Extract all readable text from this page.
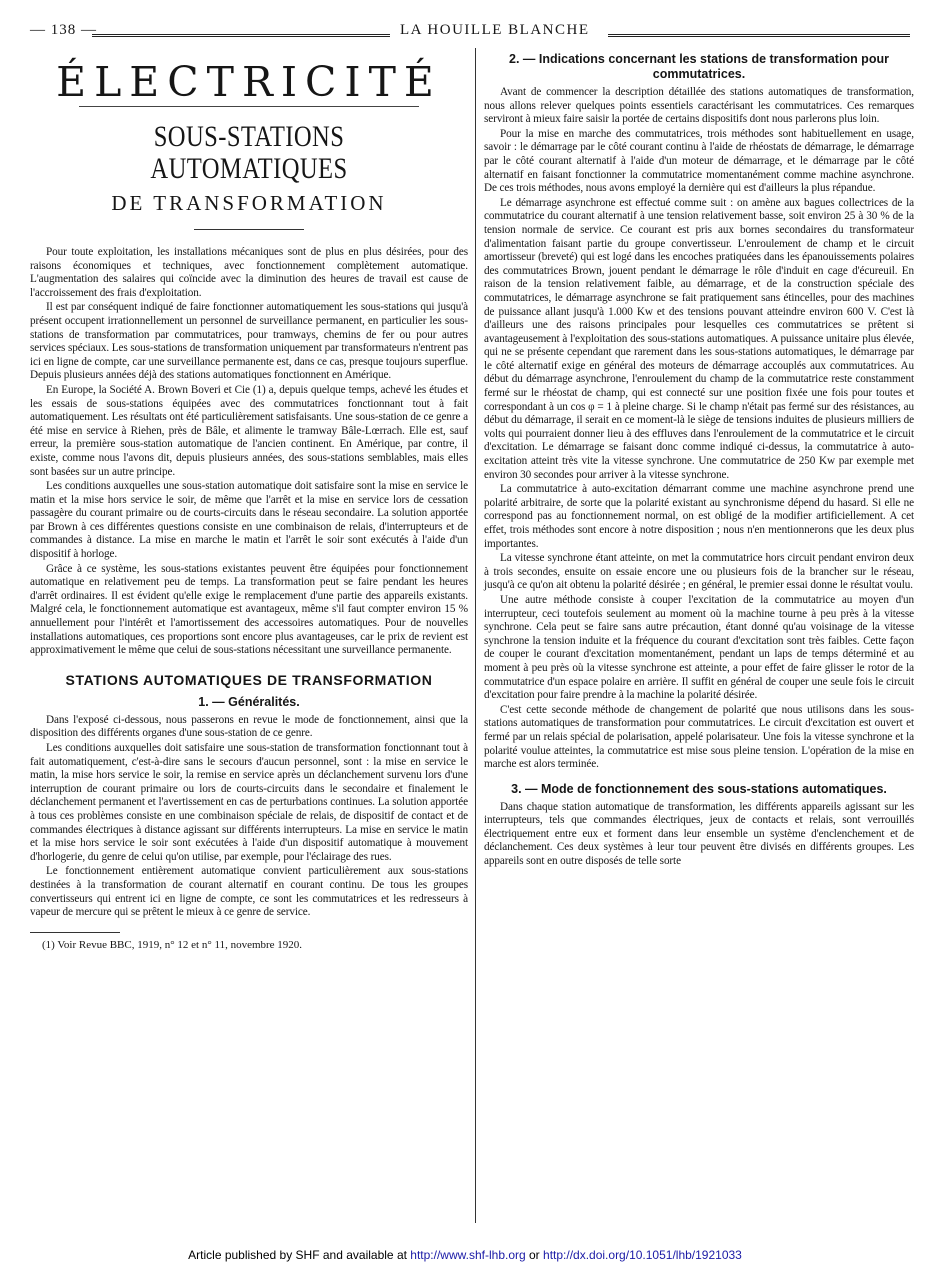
— 138 —	LA HOUILLE BLANCHE
ÉLECTRICITÉ
SOUS-STATIONS AUTOMATIQUES
DE TRANSFORMATION

Pour toute exploitation, les installations mécaniques sont de plus en plus désirées, pour des raisons économiques et techniques, avec fonctionnement complètement automatique. L'augmentation des salaires qui coïncide avec la diminution des heures de travail est cause de l'accroissement des frais d'exploitation.

Il est par conséquent indiqué de faire fonctionner automatiquement les sous-stations qui jusqu'à présent occupent irrationnellement un personnel de surveillance permanent, en particulier les sous-stations de transformation par commutatrices, pour tramways, chemins de fer ou pour autres services spéciaux. Les sous-stations de transformation uniquement par transformateurs n'entrent pas ici en ligne de compte, car une surveillance permanente est, dans ce cas, presque toujours superflue. Depuis plusieurs années déjà des stations automatiques fonctionnent en Amérique.

En Europe, la Société A. Brown Boveri et Cie (1) a, depuis quelque temps, achevé les études et les essais de sous-stations équipées avec des commutatrices fonctionnant tout à fait automatiquement. Les résultats ont été particulièrement satisfaisants. Une sous-station de ce genre a été mise en service à Riehen, près de Bâle, et alimente le tramway Bâle-Lœrrach. Elle est, sauf erreur, la première sous-station automatique de l'ancien continent. En Amérique, par contre, il existe, comme nous l'avons dit, depuis plusieurs années, des sous-stations semblables, mais elles sont basées sur un autre principe.

Les conditions auxquelles une sous-station automatique doit satisfaire sont la mise en service le matin et la mise hors service le soir, de même que l'arrêt et la mise en service lors de cessation passagère du courant primaire ou de courts-circuits dans le réseau secondaire. La solution apportée par Brown à ces différentes questions consiste en une combinaison de relais, d'interrupteurs et de commandes à distance. La mise en marche le matin et l'arrêt le soir sont exécutés à l'aide d'un dispositif à horloge.

Grâce à ce système, les sous-stations existantes peuvent être équipées pour fonctionnement automatique en relativement peu de temps. La transformation peut se faire pendant les heures d'arrêt ordinaires. Il est évident qu'elle exige le remplacement d'une partie des appareils existants. Malgré cela, le fonctionnement automatique est avantageux, même s'il faut compter environ 15 % annuellement pour l'intérêt et l'amortissement des accessoires automatiques. Pour de nouvelles installations automatiques, ces proportions sont encore plus avantageuses, car le prix de revient est approximativement le même que celui de sous-stations nécessitant une surveillance permanente.

STATIONS AUTOMATIQUES DE TRANSFORMATION
1. — Généralités.

Dans l'exposé ci-dessous, nous passerons en revue le mode de fonctionnement, ainsi que la disposition des différents organes d'une sous-station de ce genre.

Les conditions auxquelles doit satisfaire une sous-station de transformation fonctionnant tout à fait automatiquement, c'est-à-dire sans le secours d'aucun personnel, sont : la mise en service le matin, la mise hors service le soir, la remise en service après un déclanchement survenu lors d'une interruption de courant primaire ou lors de courts-circuits dans le secondaire et finalement le déclanchement permanent et l'avertissement en cas de perturbations continues. La solution apportée à tous ces problèmes consiste en une combinaison spéciale de relais, de dispositif de contact et de commandes électriques à distance agissant sur différents interrupteurs. La mise en service le matin et la mise hors service le soir sont exécutées à l'aide d'un dispositif automatique à mouvement d'horlogerie, du genre de celui qu'on utilise, par exemple, pour l'éclairage des rues.

Le fonctionnement entièrement automatique convient particulièrement aux sous-stations destinées à la transformation de courant alternatif en courant continu. De tous les groupes convertisseurs qui entrent ici en ligne de compte, ce sont les commutatrices et les redresseurs à vapeur de mercure qui se prêtent le mieux à ce genre de service.

(1) Voir Revue BBC, 1919, n° 12 et n° 11, novembre 1920.

2. — Indications concernant les stations de transformation pour commutatrices.

Avant de commencer la description détaillée des stations automatiques de transformation, nous allons relever quelques points essentiels caractérisant les commutatrices. Ces remarques serviront à mieux faire saisir la portée de certains dispositifs dont nous parlerons plus loin.

Pour la mise en marche des commutatrices, trois méthodes sont habituellement en usage, savoir : le démarrage par le côté courant continu à l'aide de rhéostats de démarrage, le démarrage par le côté courant alternatif à l'aide d'un moteur de démarrage, et le démarrage par le côté alternatif en faisant fonctionner la commutatrice momentanément comme machine asynchrone. De ces trois méthodes, nous avons employé la dernière qui est d'ailleurs la plus répandue.

Le démarrage asynchrone est effectué comme suit : on amène aux bagues collectrices de la commutatrice du courant alternatif à une tension relativement basse, soit environ 25 à 30 % de la tension normale de service. Ce courant est pris aux bornes secondaires du transformateur d'alimentation faisant partie du groupe convertisseur. L'enroulement de champ et le circuit amortisseur (breveté) qui est logé dans les encoches pratiquées dans les épanouissements polaires des commutatrices Brown, jouent pendant le démarrage le rôle d'induit en cage d'écureuil. En raison de la tension relativement faible, au démarrage, et de la construction spéciale des commutatrices, le démarrage asynchrone se fait pratiquement sans étincelles, pour des machines de puissance allant jusqu'à 1.000 Kw et des tensions pouvant atteindre environ 600 V. C'est là d'ailleurs une des raisons principales pour lesquelles ces commutatrices se prêtent si avantageusement à l'exploitation des sous-stations automatiques. A puissance unitaire plus élevée, qui ne se présente cependant que rarement dans les sous-stations automatiques, le démarrage par le côté alternatif exige en général des moteurs de démarrage accouplés aux commutatrices. Au début du démarrage asynchrone, l'enroulement du champ de la commutatrice reste constamment fermé sur le rhéostat de champ, qui est connecté sur une position fixée une fois pour toutes et correspondant à un cos φ = 1 à pleine charge. Si le champ n'était pas fermé sur des résistances, au début du démarrage, il serait en ce moment-là le siège de tensions induites de plusieurs milliers de volts qui pourraient donner lieu à des effluves dans l'enroulement de la commutatrice et le circuit d'excitation. Le démarrage se faisant donc comme indiqué ci-dessus, la commutatrice à auto-excitation atteint très vite la vitesse synchrone. Une commutatrice de 250 Kw par exemple met environ 30 secondes pour arriver à la vitesse synchrone.

La commutatrice à auto-excitation démarrant comme une machine asynchrone prend une polarité arbitraire, de sorte que la polarité existant au synchronisme dépend du hasard. Si elle ne correspond pas au fonctionnement normal, on est obligé de la modifier artificiellement. A cet effet, trois méthodes sont encore à notre disposition ; nous n'en mentionnerons que les deux plus importantes.

La vitesse synchrone étant atteinte, on met la commutatrice hors circuit pendant environ deux à trois secondes, ensuite on essaie encore une ou plusieurs fois de la brancher sur le réseau, jusqu'à ce qu'on ait obtenu la polarité désirée ; en général, le premier essai donne le résultat voulu.

Une autre méthode consiste à couper l'excitation de la commutatrice au moyen d'un interrupteur, ceci toutefois seulement au moment où la machine tourne à peu près à la vitesse synchrone. Cela peut se faire sans autre précaution, étant donné qu'au voisinage de la vitesse synchrone la tension induite et la fréquence du courant d'excitation sont très faibles. Cette façon de couper le courant d'excitation momentanément, pendant un laps de temps déterminé et au moment à peu près où la vitesse synchrone est atteinte, a pour effet de faire glisser le rotor de la commutatrice d'un espace polaire en arrière. Il suffit en général de couper une seule fois le circuit d'excitation pour faire prendre à la machine la polarité désirée.

C'est cette seconde méthode de changement de polarité que nous utilisons dans les sous-stations automatiques de transformation pour commutatrices. Le circuit d'excitation est ouvert et fermé par un relais spécial de polarisation, appelé polarisateur. Une fois la vitesse synchrone et la polarité voulue atteintes, la commutatrice est mise sous pleine tension. L'opération de la mise en marche est alors terminée.

3. — Mode de fonctionnement des sous-stations automatiques.

Dans chaque station automatique de transformation, les différents appareils agissant sur les interrupteurs, tels que commandes électriques, jeux de contacts et relais, sont verrouillés électriquement entre eux et forment dans leur ensemble un système d'enclenchement et de déclanchement. Ces deux systèmes à leur tour peuvent être divisés en différents groupes. Les appareils sont en outre disposés de telle sorte

Article published by SHF and available at http://www.shf-lhb.org or http://dx.doi.org/10.1051/lhb/1921033
